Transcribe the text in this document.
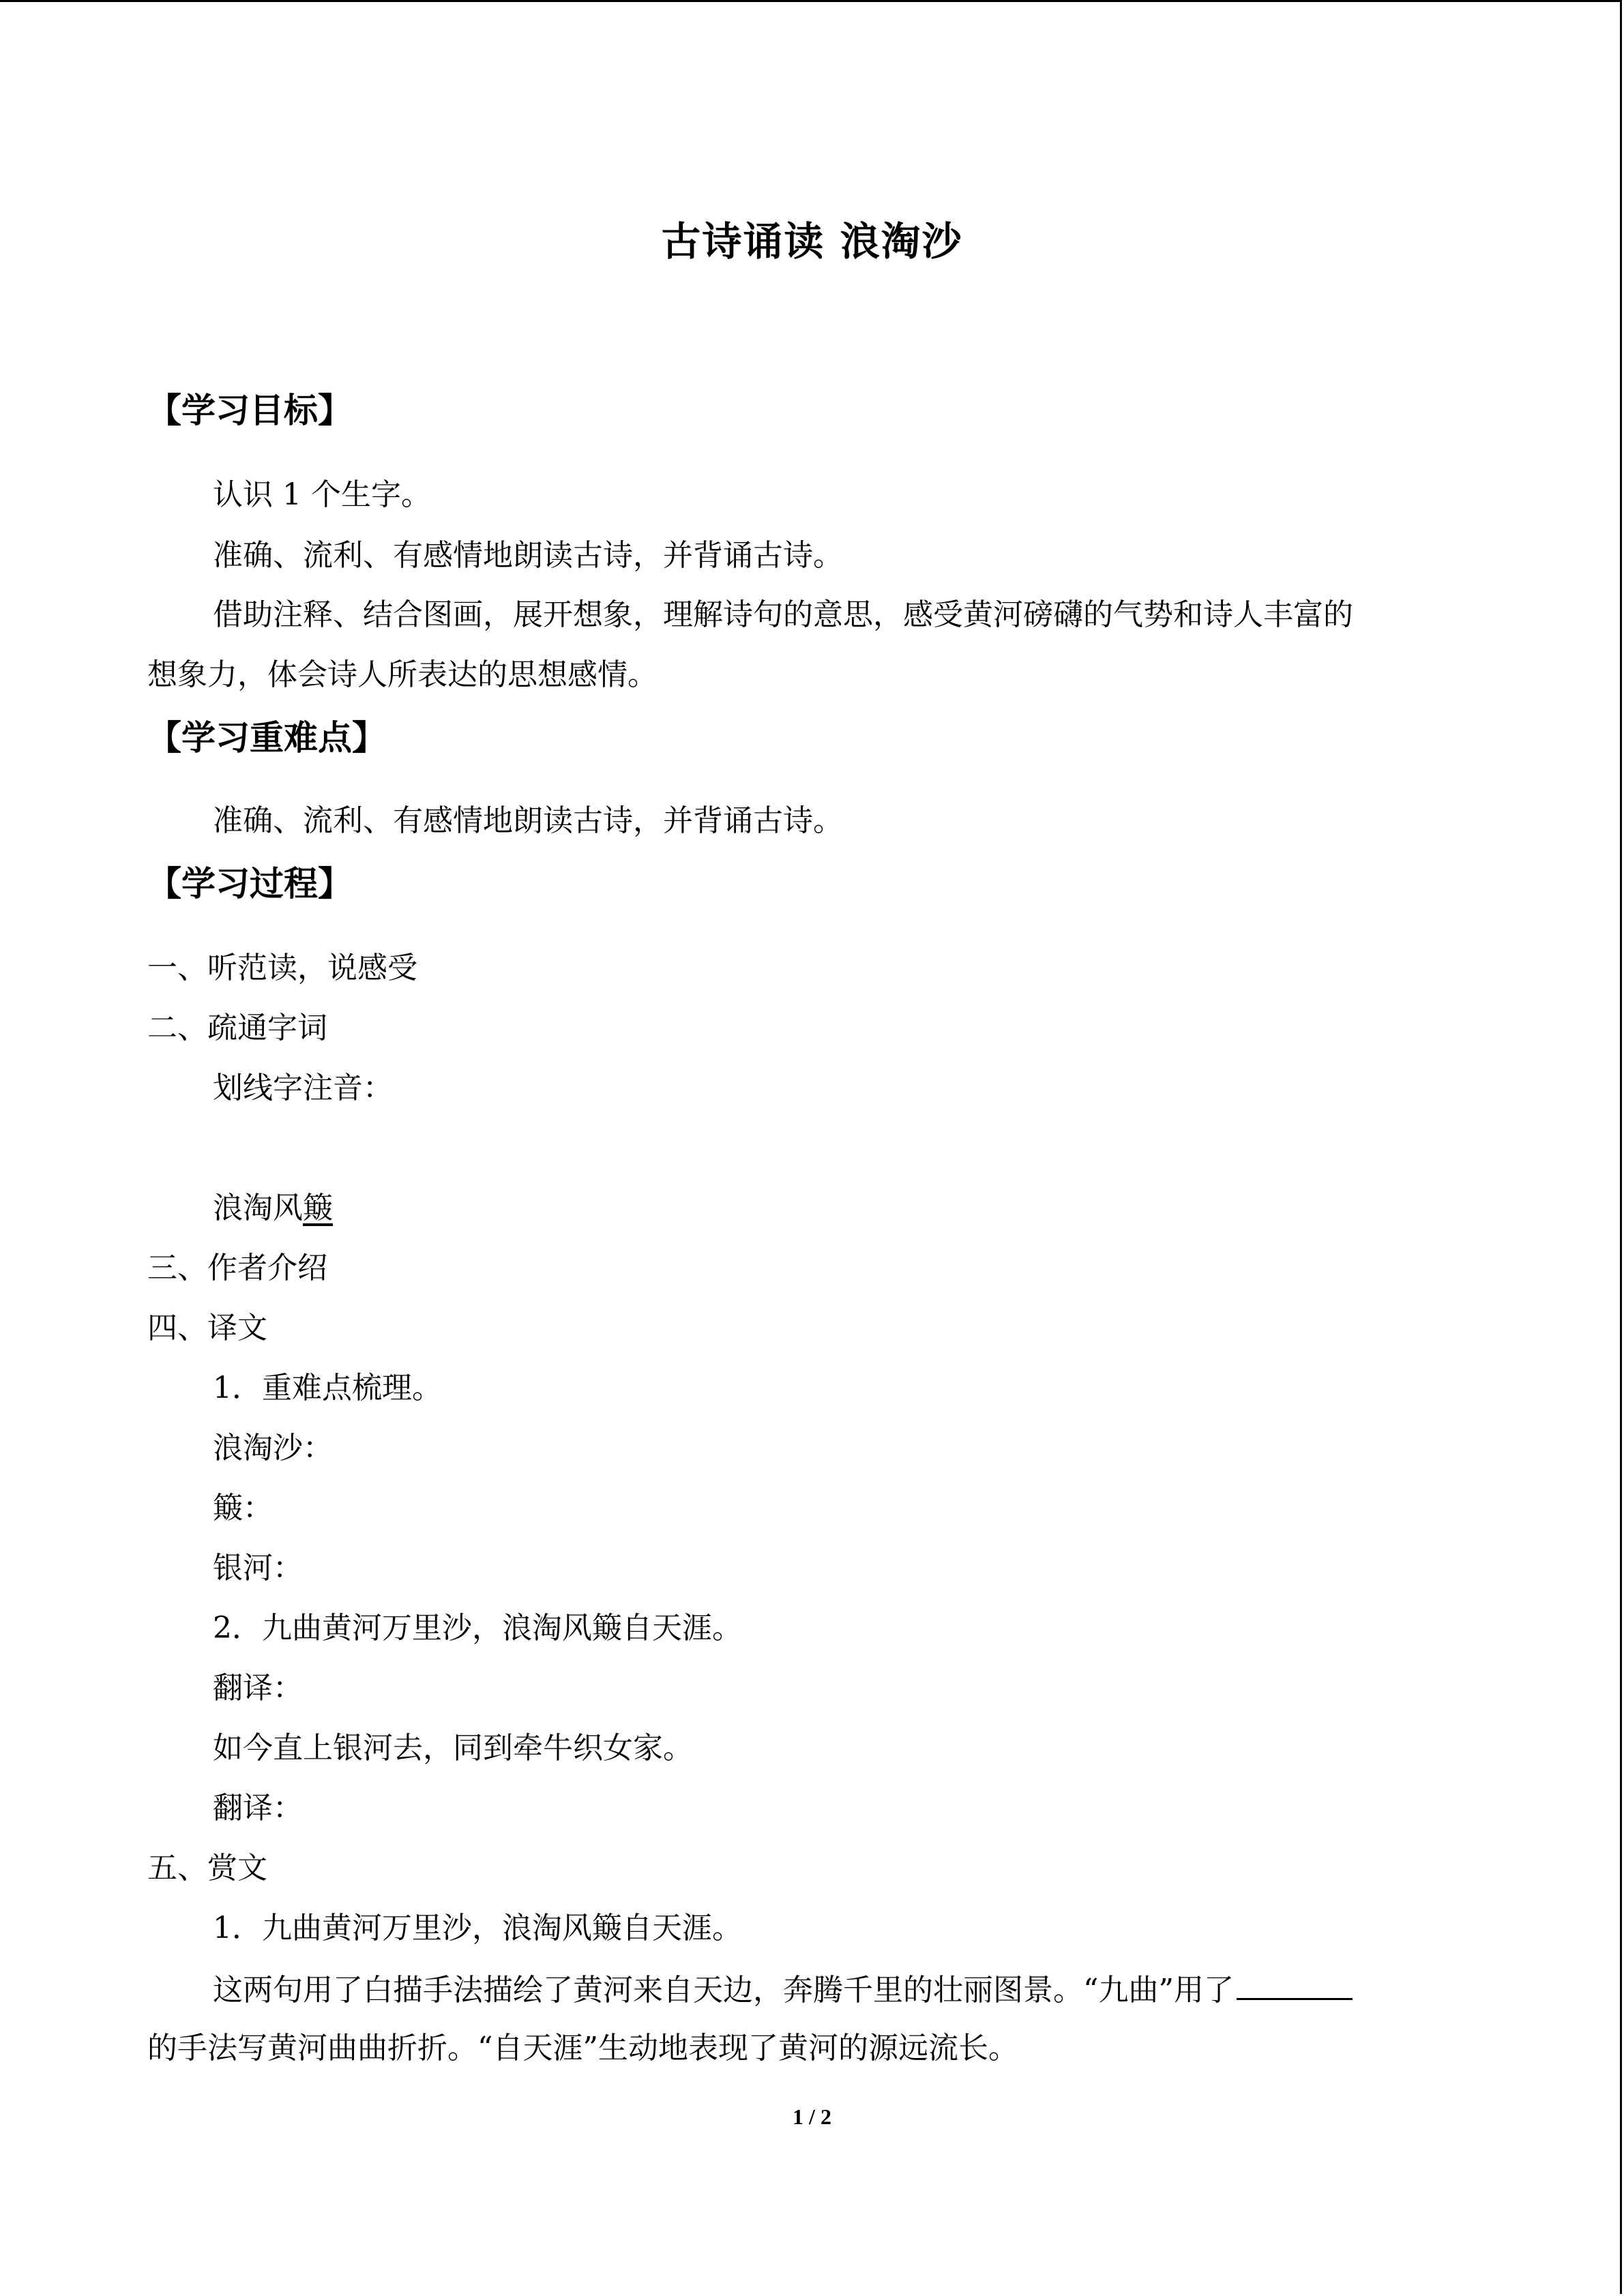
古诗诵读 浪淘沙
【学习目标】
认识 1 个生字。
准确、流利、有感情地朗读古诗，并背诵古诗。
借助注释、结合图画，展开想象，理解诗句的意思，感受黄河磅礴的气势和诗人丰富的
想象力，体会诗人所表达的思想感情。
【学习重难点】
准确、流利、有感情地朗读古诗，并背诵古诗。
【学习过程】
一、听范读，说感受
二、疏通字词
划线字注音：
浪淘风簸
三、作者介绍
四、译文
1．重难点梳理。
浪淘沙：
簸：
银河：
2．九曲黄河万里沙，浪淘风簸自天涯。
翻译：
如今直上银河去，同到牵牛织女家。
翻译：
五、赏文
1．九曲黄河万里沙，浪淘风簸自天涯。
这两句用了白描手法描绘了黄河来自天边，奔腾千里的壮丽图景。“九曲”用了
的手法写黄河曲曲折折。“自天涯”生动地表现了黄河的源远流长。
1 / 2
